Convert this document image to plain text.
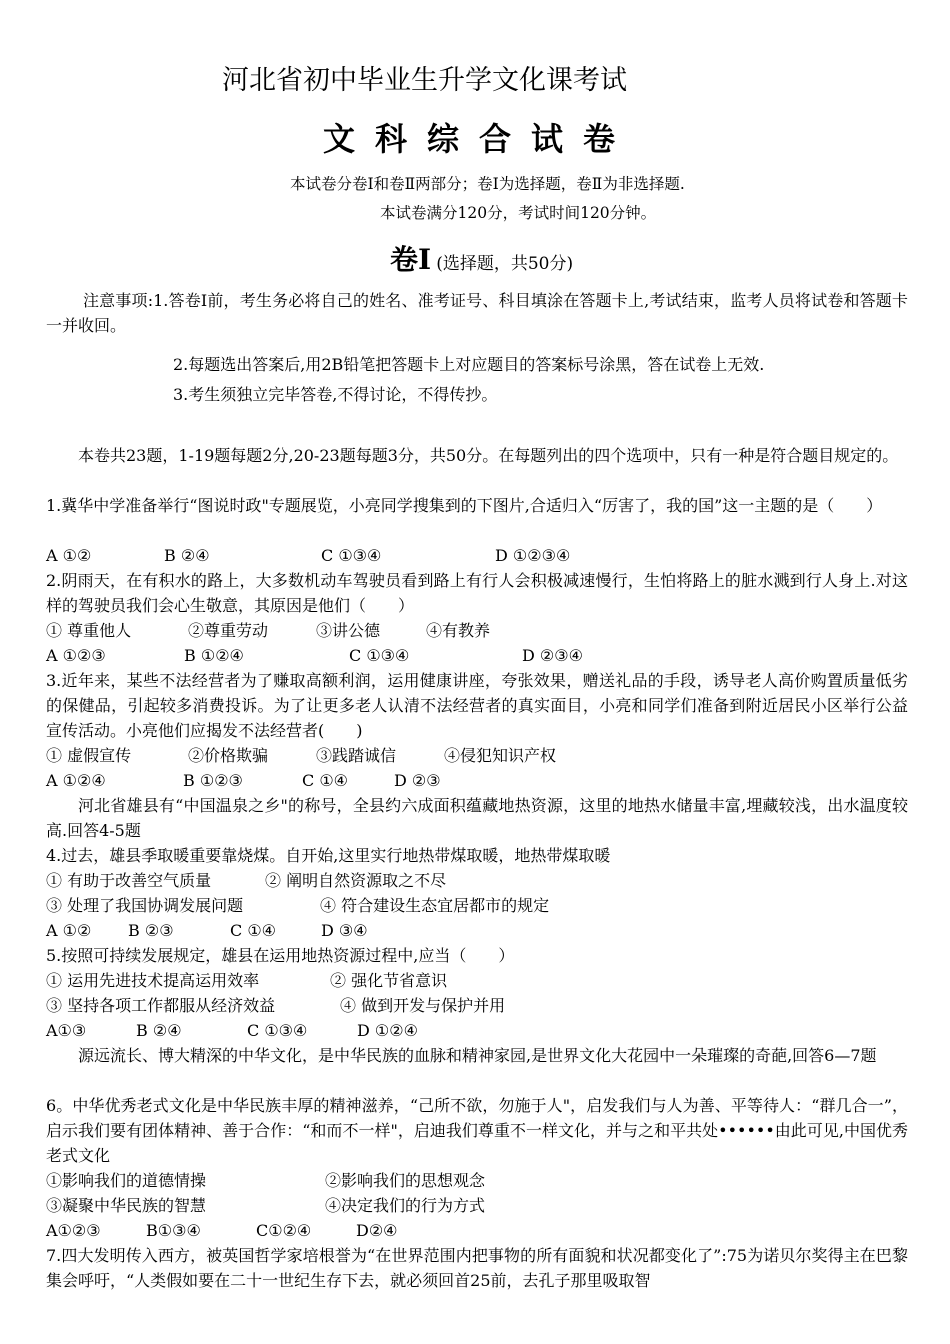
河北省初中毕业生升学文化课考试
文科综合试卷
本试卷分卷Ⅰ和卷Ⅱ两部分；卷Ⅰ为选择题，卷Ⅱ为非选择题.
本试卷满分120分，考试时间120分钟。
卷Ⅰ (选择题，共50分)
注意事项:1.答卷Ⅰ前，考生务必将自己的姓名、准考证号、科目填涂在答题卡上,考试结束，监考人员将试卷和答题卡一并收回。
2.每题选出答案后,用2B铅笔把答题卡上对应题目的答案标号涂黑，答在试卷上无效.
3.考生须独立完毕答卷,不得讨论，不得传抄。
本卷共23题，1-19题每题2分,20-23题每题3分，共50分。在每题列出的四个选项中，只有一种是符合题目规定的。
1.冀华中学准备举行“图说时政"专题展览，小亮同学搜集到的下图片,合适归入“厉害了，我的国”这一主题的是（　　）
A ①②	B ②④	C ①③④	D ①②③④
2.阴雨天，在有积水的路上，大多数机动车驾驶员看到路上有行人会积极减速慢行，生怕将路上的脏水溅到行人身上.对这样的驾驶员我们会心生敬意，其原因是他们（　　）
① 尊重他人	②尊重劳动	③讲公德	④有教养
A ①②③	B ①②④	C ①③④	D ②③④
3.近年来，某些不法经营者为了赚取高额利润，运用健康讲座，夸张效果，赠送礼品的手段，诱导老人高价购置质量低劣的保健品，引起较多消费投诉。为了让更多老人认清不法经营者的真实面目，小亮和同学们准备到附近居民小区举行公益宣传活动。小亮他们应揭发不法经营者(　　)
① 虚假宣传	②价格欺骗	③践踏诚信	④侵犯知识产权
A ①②④	B ①②③	C ①④	D ②③
河北省雄县有“中国温泉之乡"的称号，全县约六成面积蕴藏地热资源，这里的地热水储量丰富,埋藏较浅，出水温度较高.回答4-5题
4.过去，雄县季取暖重要靠烧煤。自开始,这里实行地热带煤取暖，地热带煤取暖
① 有助于改善空气质量	② 阐明自然资源取之不尽
③ 处理了我国协调发展问题	④ 符合建设生态宜居都市的规定
A ①② B ②③	C ①④	D ③④
5.按照可持续发展规定，雄县在运用地热资源过程中,应当（　　）
① 运用先进技术提高运用效率	② 强化节省意识
③ 坚持各项工作都服从经济效益	④ 做到开发与保护并用
A①③	B ②④	C ①③④	D ①②④
源远流长、博大精深的中华文化，是中华民族的血脉和精神家园,是世界文化大花园中一朵璀璨的奇葩,回答6—7题
6。中华优秀老式文化是中华民族丰厚的精神滋养，“己所不欲，勿施于人"，启发我们与人为善、平等待人：“群几合一”，启示我们要有团体精神、善于合作：“和而不一样"，启迪我们尊重不一样文化，并与之和平共处••••••由此可见,中国优秀老式文化
①影响我们的道德情操	②影响我们的思想观念
③凝聚中华民族的智慧	④决定我们的行为方式
A①②③	B①③④	C①②④	D②④
7.四大发明传入西方，被英国哲学家培根誉为“在世界范围内把事物的所有面貌和状况都变化了”:75为诺贝尔奖得主在巴黎集会呼吁，“人类假如要在二十一世纪生存下去，就必须回首25前，去孔子那里吸取智
